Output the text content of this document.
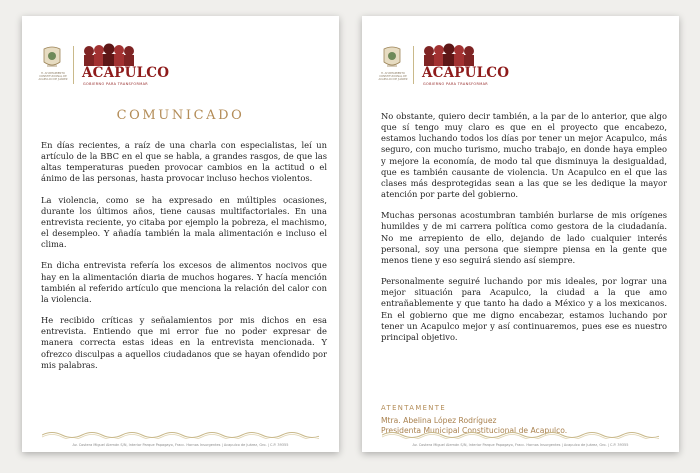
H. AYUNTAMIENTO CONSTITUCIONAL DE ACAPULCO DE JUÁREZ ACAPULCO
GOBIERNO PARA TRANSFORMAR
COMUNICADO

En días recientes, a raíz de una charla con especialistas, leí un artículo de la BBC en el que se habla, a grandes rasgos, de que las altas temperaturas pueden provocar cambios en la actitud o el ánimo de las personas, hasta provocar incluso hechos violentos.

La violencia, como se ha expresado en múltiples ocasiones, durante los últimos años, tiene causas multifactoriales. En una entrevista reciente, yo citaba por ejemplo la pobreza, el machismo, el desempleo. Y añadía también la mala alimentación e incluso el clima.

En dicha entrevista refería los excesos de alimentos nocivos que hay en la alimentación diaria de muchos hogares. Y hacía mención también al referido artículo que menciona la relación del calor con la violencia.

He recibido críticas y señalamientos por mis dichos en esa entrevista. Entiendo que mi error fue no poder expresar de manera correcta estas ideas en la entrevista mencionada. Y ofrezco disculpas a aquellos ciudadanos que se hayan ofendido por mis palabras.

Av. Costera Miguel Alemán S/N, Interior Parque Papagayo, Fracc. Hornos Insurgentes | Acapulco de Juárez, Gro. | C.P. 39355
H. AYUNTAMIENTO CONSTITUCIONAL DE ACAPULCO DE JUÁREZ ACAPULCO
GOBIERNO PARA TRANSFORMAR

No obstante, quiero decir también, a la par de lo anterior, que algo que sí tengo muy claro es que en el proyecto que encabezo, estamos luchando todos los días por tener un mejor Acapulco, más seguro, con mucho turismo, mucho trabajo, en donde haya empleo y mejore la economía, de modo tal que disminuya la desigualdad, que es también causante de violencia. Un Acapulco en el que las clases más desprotegidas sean a las que se les dedique la mayor atención por parte del gobierno.

Muchas personas acostumbran también burlarse de mis orígenes humildes y de mi carrera política como gestora de la ciudadanía. No me arrepiento de ello, dejando de lado cualquier interés personal, soy una persona que siempre piensa en la gente que menos tiene y eso seguirá siendo así siempre.

Personalmente seguiré luchando por mis ideales, por lograr una mejor situación para Acapulco, la ciudad a la que amo entrañablemente y que tanto ha dado a México y a los mexicanos. En el gobierno que me digno encabezar, estamos luchando por tener un Acapulco mejor y así continuaremos, pues ese es nuestro principal objetivo.

ATENTAMENTE
Mtra. Abelina López Rodríguez
Presidenta Municipal Constitucional de Acapulco.
Av. Costera Miguel Alemán S/N, Interior Parque Papagayo, Fracc. Hornos Insurgentes | Acapulco de Juárez, Gro. | C.P. 39355
